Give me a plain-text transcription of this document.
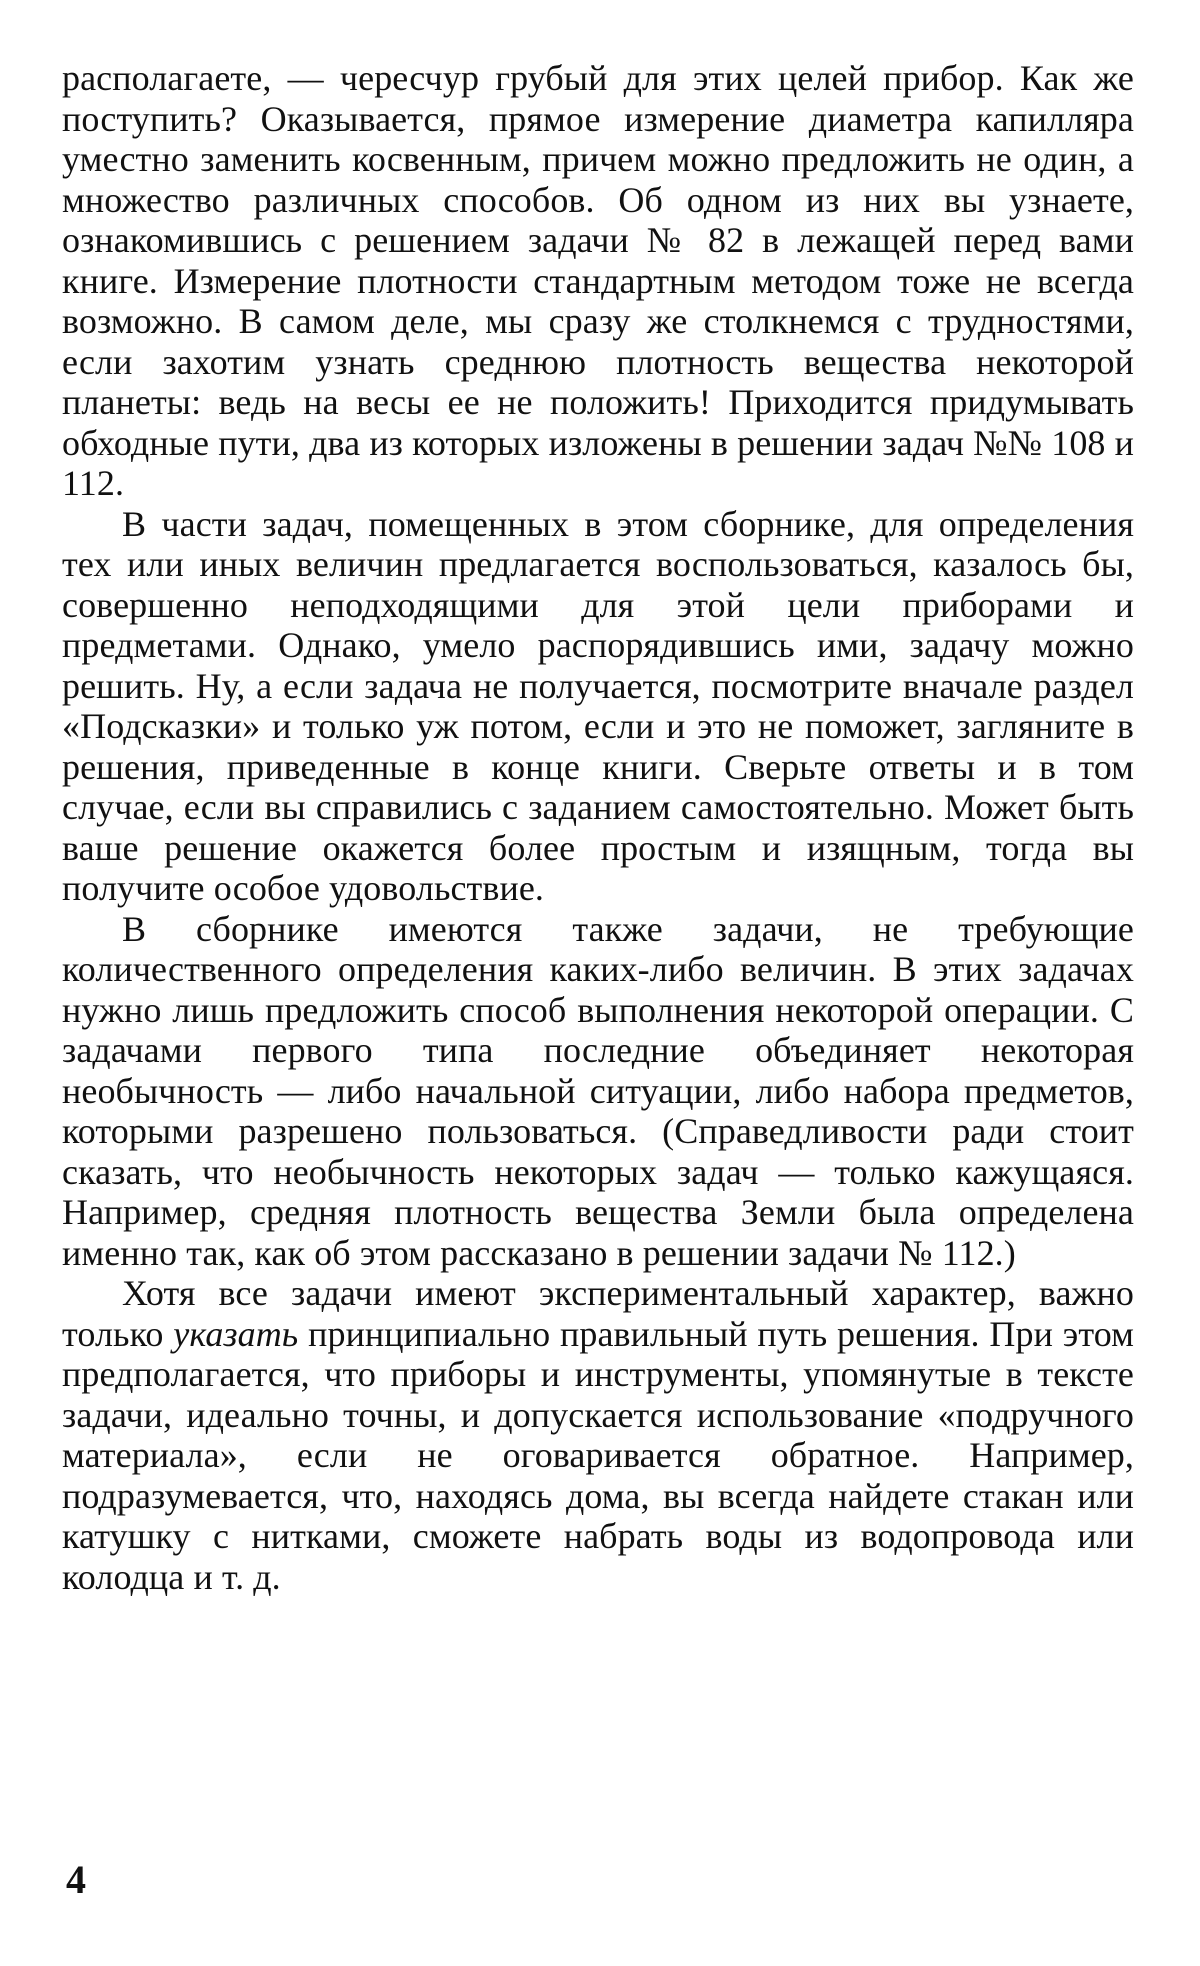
располагаете, — чересчур грубый для этих целей прибор. Как же поступить? Оказывается, прямое измерение диаметра капилляра уместно заменить косвенным, причем можно предложить не один, а множество различных способов. Об одном из них вы узнаете, ознакомившись с решением задачи № 82 в лежащей перед вами книге. Измерение плотности стандартным методом тоже не всегда возможно. В самом деле, мы сразу же столкнемся с трудностями, если захотим узнать среднюю плотность вещества некоторой планеты: ведь на весы ее не положить! Приходится придумывать обходные пути, два из которых изложены в решении задач №№ 108 и 112.

В части задач, помещенных в этом сборнике, для определения тех или иных величин предлагается воспользоваться, казалось бы, совершенно неподходящими для этой цели приборами и предметами. Однако, умело распорядившись ими, задачу можно решить. Ну, а если задача не получается, посмотрите вначале раздел «Подсказки» и только уж потом, если и это не поможет, загляните в решения, приведенные в конце книги. Сверьте ответы и в том случае, если вы справились с заданием самостоятельно. Может быть ваше решение окажется более простым и изящным, тогда вы получите особое удовольствие.

В сборнике имеются также задачи, не требующие количественного определения каких-либо величин. В этих задачах нужно лишь предложить способ выполнения некоторой операции. С задачами первого типа последние объединяет некоторая необычность — либо начальной ситуации, либо набора предметов, которыми разрешено пользоваться. (Справедливости ради стоит сказать, что необычность некоторых задач — только кажущаяся. Например, средняя плотность вещества Земли была определена именно так, как об этом рассказано в решении задачи № 112.)

Хотя все задачи имеют экспериментальный характер, важно только указать принципиально правильный путь решения. При этом предполагается, что приборы и инструменты, упомянутые в тексте задачи, идеально точны, и допускается использование «подручного материала», если не оговаривается обратное. Например, подразумевается, что, находясь дома, вы всегда найдете стакан или катушку с нитками, сможете набрать воды из водопровода или колодца и т. д.

4
